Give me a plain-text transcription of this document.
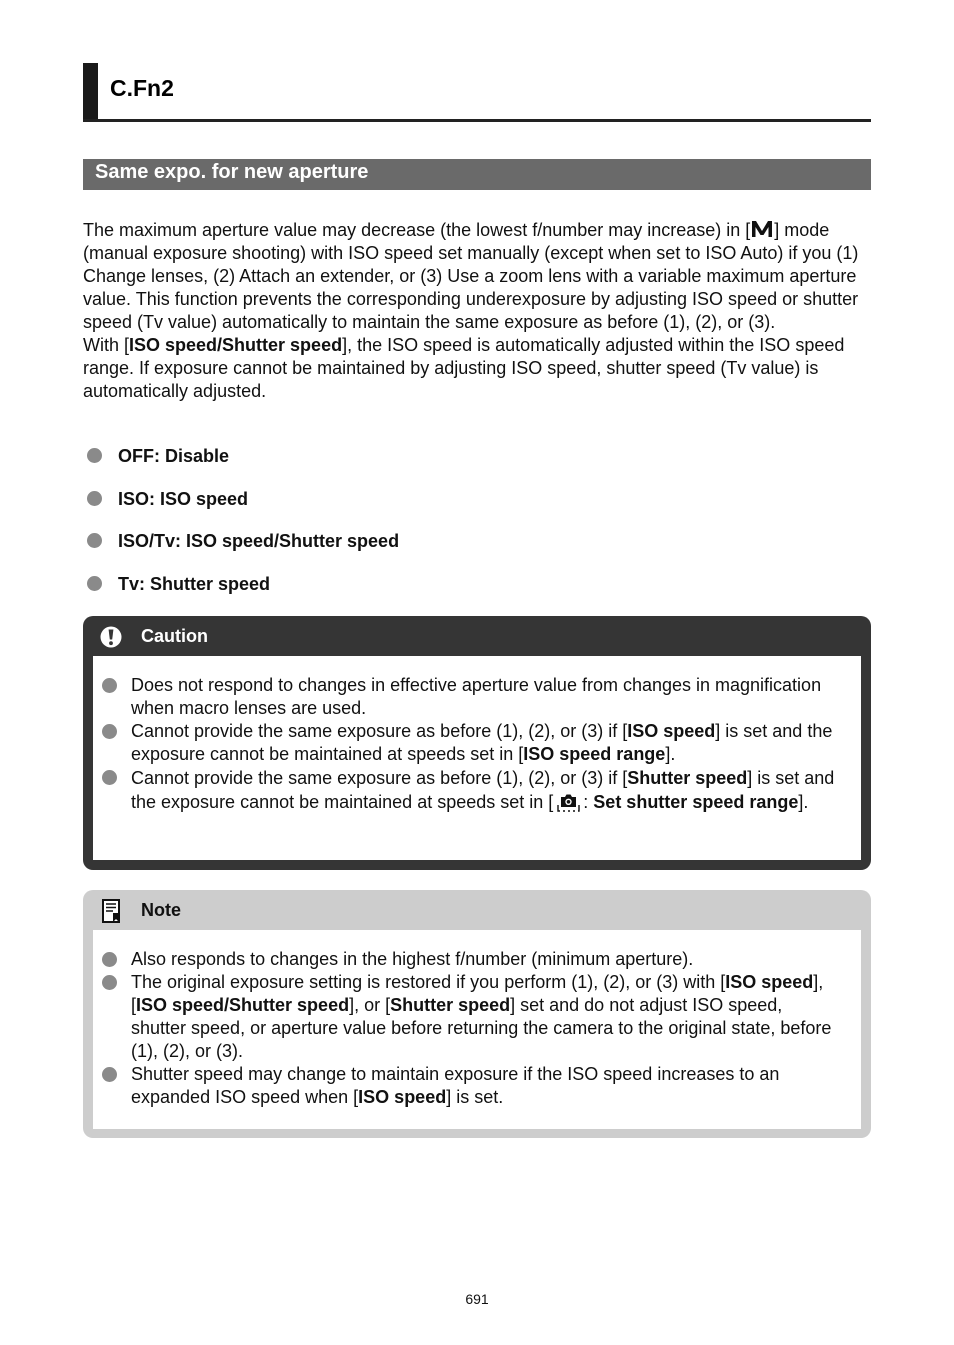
C.Fn2
Same expo. for new aperture

The maximum aperture value may decrease (the lowest f/number may increase) in [ ] mode (manual exposure shooting) with ISO speed set manually (except when set to ISO Auto) if you (1) Change lenses, (2) Attach an extender, or (3) Use a zoom lens with a variable maximum aperture value. This function prevents the corresponding underexposure by adjusting ISO speed or shutter speed (Tv value) automatically to maintain the same exposure as before (1), (2), or (3).

With [ISO speed/Shutter speed], the ISO speed is automatically adjusted within the ISO speed range. If exposure cannot be maintained by adjusting ISO speed, shutter speed (Tv value) is automatically adjusted.

OFF: Disable
ISO: ISO speed
ISO/Tv: ISO speed/Shutter speed
Tv: Shutter speed
Caution
Does not respond to changes in effective aperture value from changes in magnification when macro lenses are used.
Cannot provide the same exposure as before (1), (2), or (3) if [ISO speed] is set and the exposure cannot be maintained at speeds set in [ISO speed range].
Cannot provide the same exposure as before (1), (2), or (3) if [Shutter speed] is set and the exposure cannot be maintained at speeds set in [ : Set shutter speed range].
Note
Also responds to changes in the highest f/number (minimum aperture).
The original exposure setting is restored if you perform (1), (2), or (3) with [ISO speed], [ISO speed/Shutter speed], or [Shutter speed] set and do not adjust ISO speed, shutter speed, or aperture value before returning the camera to the original state, before (1), (2), or (3).
Shutter speed may change to maintain exposure if the ISO speed increases to an expanded ISO speed when [ISO speed] is set.
691
